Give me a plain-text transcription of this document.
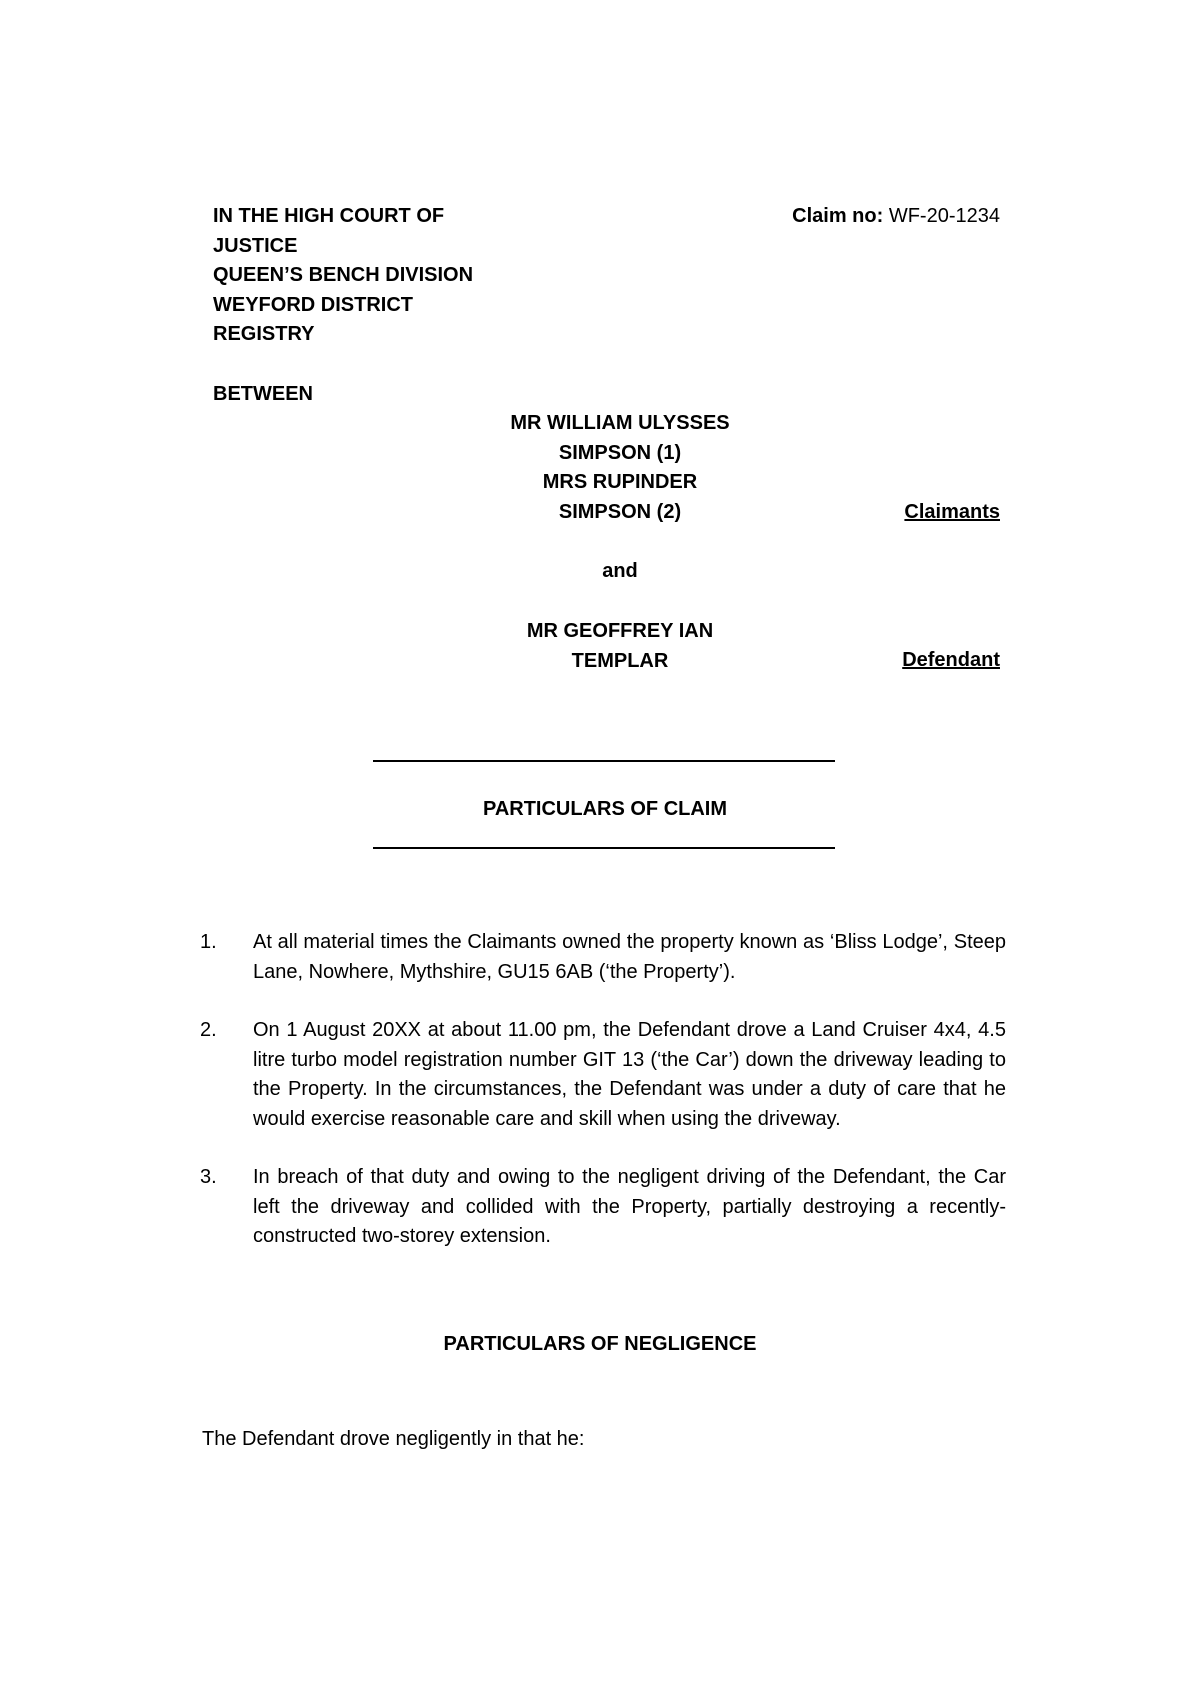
IN THE HIGH COURT OF
JUSTICE
QUEEN’S BENCH DIVISION
WEYFORD DISTRICT
REGISTRY
Claim no: WF-20-1234
BETWEEN
MR WILLIAM ULYSSES
SIMPSON (1)
MRS RUPINDER
SIMPSON (2)	Claimants
and
MR GEOFFREY IAN
TEMPLAR	Defendant
PARTICULARS OF CLAIM
1.	At all material times the Claimants owned the property known as ‘Bliss Lodge’, Steep Lane, Nowhere, Mythshire, GU15 6AB (‘the Property’).
2.	On 1 August 20XX at about 11.00 pm, the Defendant drove a Land Cruiser 4x4, 4.5 litre turbo model registration number GIT 13 (‘the Car’) down the driveway leading to the Property. In the circumstances, the Defendant was under a duty of care that he would exercise reasonable care and skill when using the driveway.
3.	In breach of that duty and owing to the negligent driving of the Defendant, the Car left the driveway and collided with the Property, partially destroying a recently-constructed two-storey extension.
PARTICULARS OF NEGLIGENCE
The Defendant drove negligently in that he:
